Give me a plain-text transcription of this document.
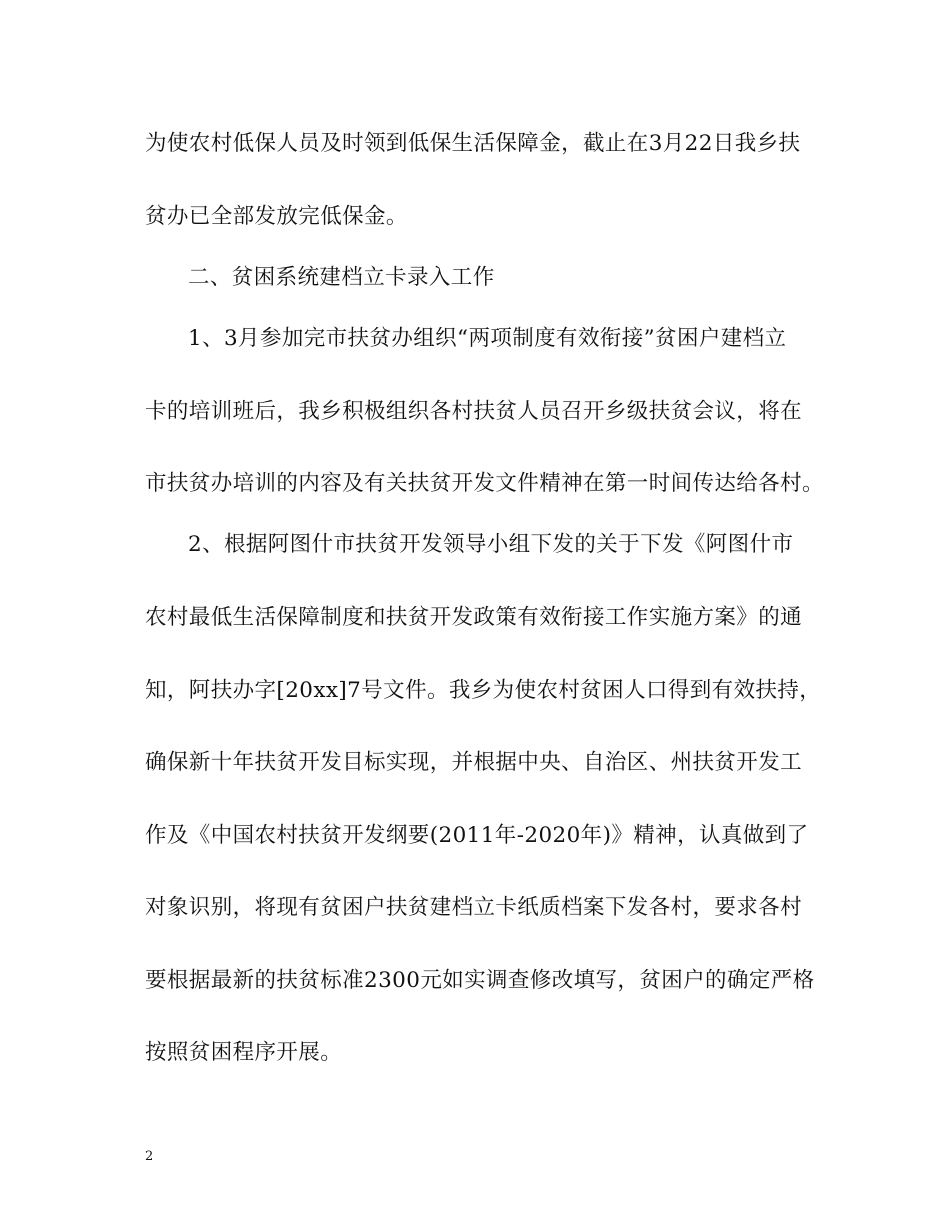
为使农村低保人员及时领到低保生活保障金，截止在3月22日我乡扶
贫办已全部发放完低保金。
二、贫困系统建档立卡录入工作
1、3月参加完市扶贫办组织“两项制度有效衔接”贫困户建档立
卡的培训班后，我乡积极组织各村扶贫人员召开乡级扶贫会议，将在
市扶贫办培训的内容及有关扶贫开发文件精神在第一时间传达给各村。
2、根据阿图什市扶贫开发领导小组下发的关于下发《阿图什市
农村最低生活保障制度和扶贫开发政策有效衔接工作实施方案》的通
知，阿扶办字[20xx]7号文件。我乡为使农村贫困人口得到有效扶持，
确保新十年扶贫开发目标实现，并根据中央、自治区、州扶贫开发工
作及《中国农村扶贫开发纲要(2011年-2020年)》精神，认真做到了
对象识别，将现有贫困户扶贫建档立卡纸质档案下发各村，要求各村
要根据最新的扶贫标准2300元如实调查修改填写，贫困户的确定严格
按照贫困程序开展。
2
